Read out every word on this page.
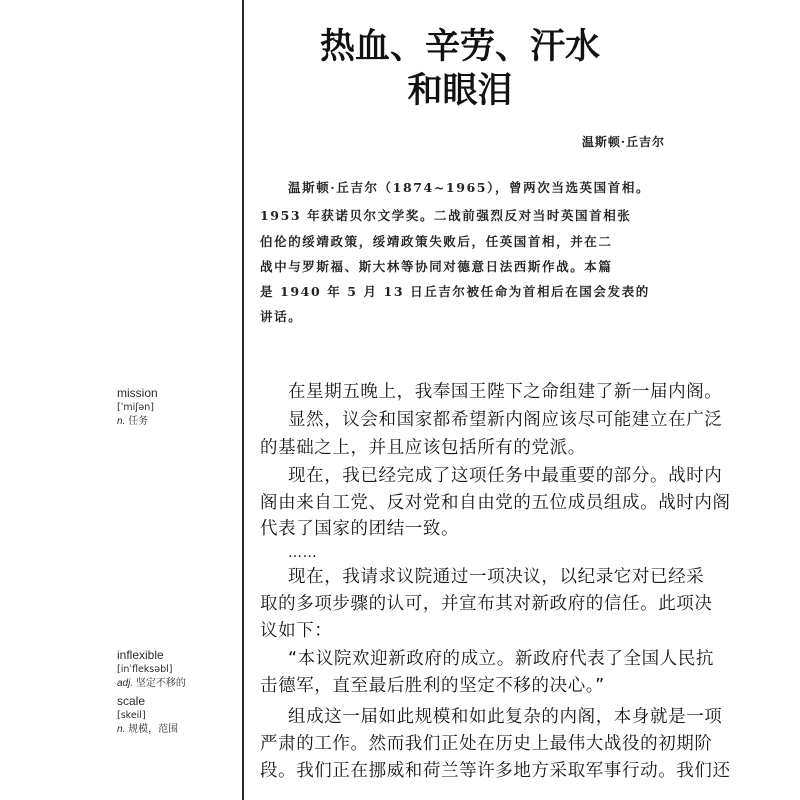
热血、辛劳、汗水
和眼泪
温斯顿·丘吉尔
温斯顿·丘吉尔（1874~1965），曾两次当选英国首相。
1953 年获诺贝尔文学奖。二战前强烈反对当时英国首相张
伯伦的绥靖政策，绥靖政策失败后，任英国首相，并在二
战中与罗斯福、斯大林等协同对德意日法西斯作战。本篇
是 1940 年 5 月 13 日丘吉尔被任命为首相后在国会发表的
讲话。
在星期五晚上，我奉国王陛下之命组建了新一届内阁。
显然，议会和国家都希望新内阁应该尽可能建立在广泛
的基础之上，并且应该包括所有的党派。
现在，我已经完成了这项任务中最重要的部分。战时内
阁由来自工党、反对党和自由党的五位成员组成。战时内阁
代表了国家的团结一致。
……
现在，我请求议院通过一项决议，以纪录它对已经采
取的多项步骤的认可，并宣布其对新政府的信任。此项决
议如下：
“本议院欢迎新政府的成立。新政府代表了全国人民抗
击德军，直至最后胜利的坚定不移的决心。”
组成这一届如此规模和如此复杂的内阁，本身就是一项
严肃的工作。然而我们正处在历史上最伟大战役的初期阶
段。我们正在挪威和荷兰等许多地方采取军事行动。我们还
mission
[ˈmiʃən]
n. 任务
inflexible
[inˈfleksəbl]
adj. 坚定不移的
scale
[skeil]
n. 规模，范围
